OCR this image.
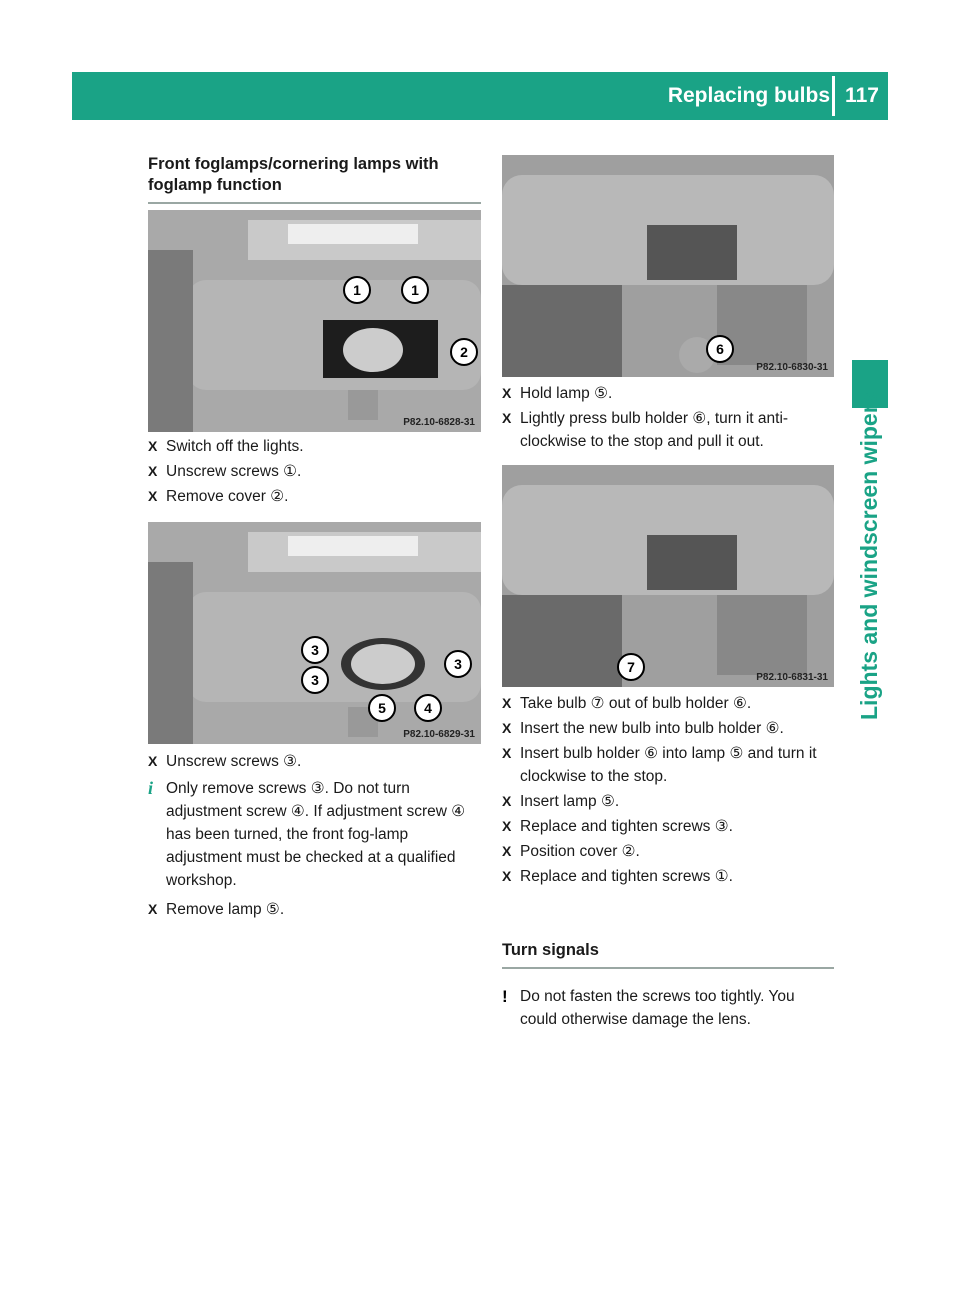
Replacing bulbs 117
Lights and windscreen wipers
Front foglamps/cornering lamps with foglamp function
1	1
2
P82.10-6828-31
X Switch off the lights.
X Unscrew screws ①.
X Remove cover ②.
3
3
3
5	4
P82.10-6829-31
X Unscrew screws ③.
i Only remove screws ③. Do not turn adjustment screw ④. If adjustment screw ④ has been turned, the front fog-lamp adjustment must be checked at a qualified workshop.
X Remove lamp ⑤.
6
P82.10-6830-31
X Hold lamp ⑤.
X Lightly press bulb holder ⑥, turn it anti-clockwise to the stop and pull it out.
7
P82.10-6831-31
X Take bulb ⑦ out of bulb holder ⑥.
X Insert the new bulb into bulb holder ⑥.
X Insert bulb holder ⑥ into lamp ⑤ and turn it clockwise to the stop.
X Insert lamp ⑤.
X Replace and tighten screws ③.
X Position cover ②.
X Replace and tighten screws ①.
Turn signals
! Do not fasten the screws too tightly. You could otherwise damage the lens.
